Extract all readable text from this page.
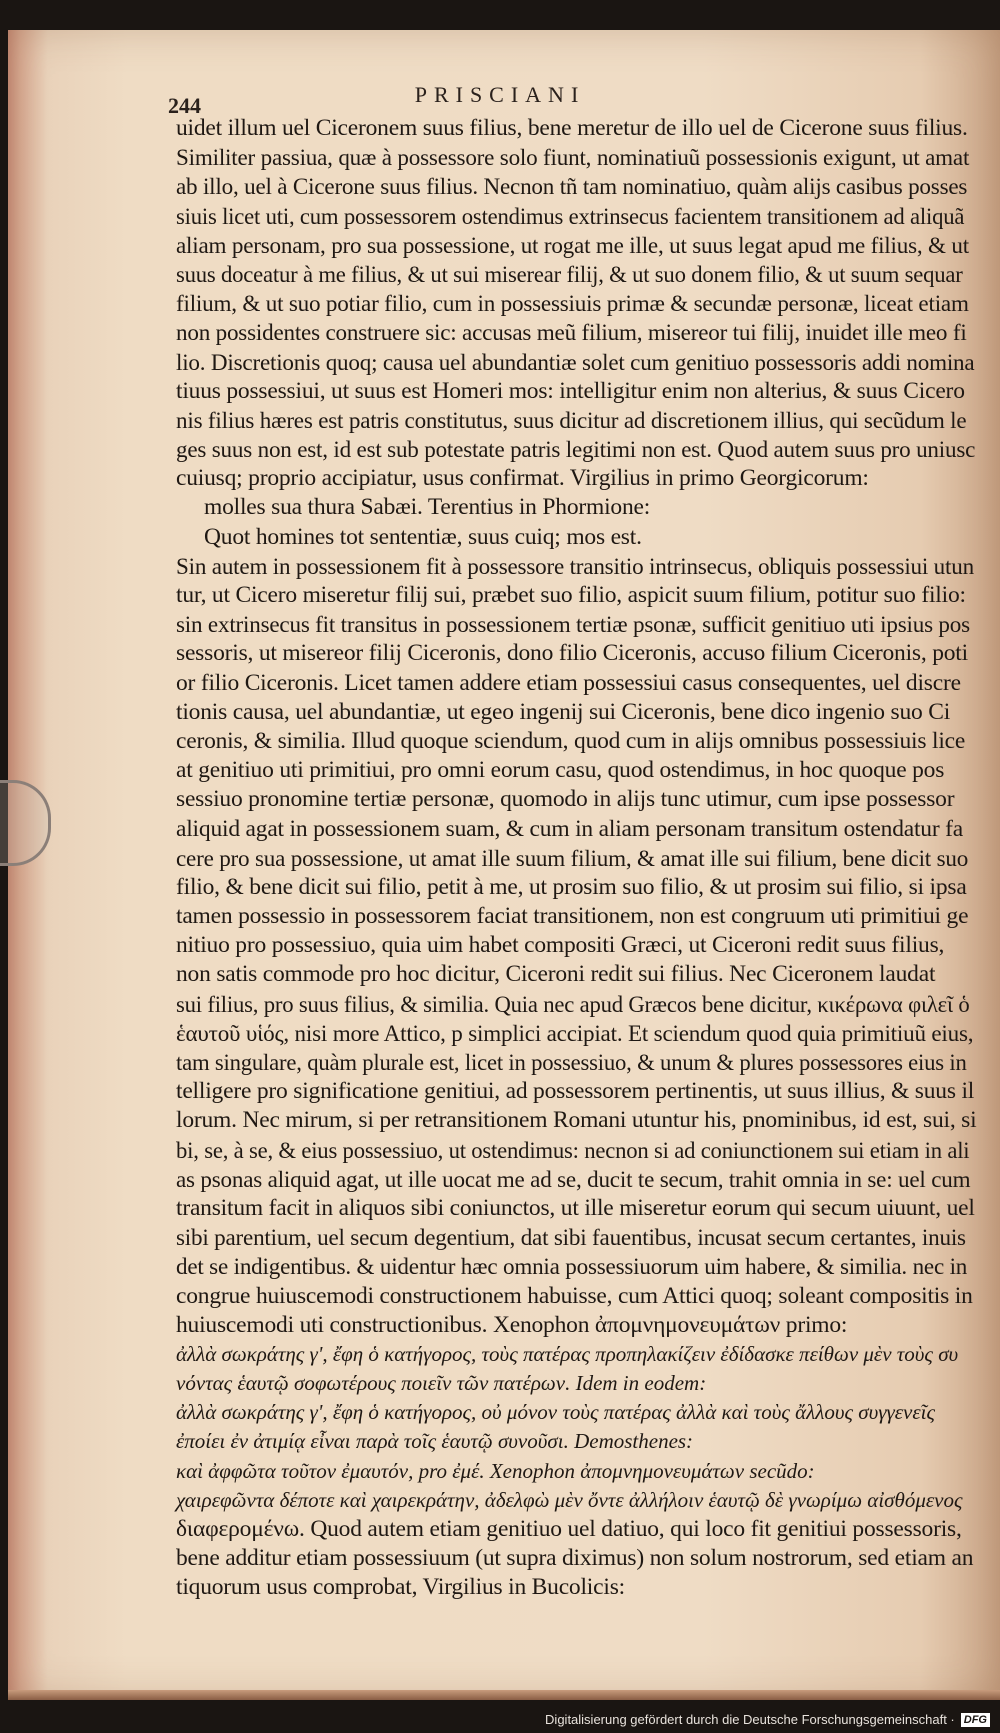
PRISCIANI
244
uidet illum uel Ciceronem suus filius, bene meretur de illo uel de Cicerone suus filius.
Similiter passiua, quæ à possessore solo fiunt, nominatiuũ possessionis exigunt, ut amat
ab illo, uel à Cicerone suus filius. Necnon tñ tam nominatiuo, quàm alijs casibus posses
siuis licet uti, cum possessorem ostendimus extrinsecus facientem transitionem ad aliquã
aliam personam, pro sua possessione, ut rogat me ille, ut suus legat apud me filius, & ut
suus doceatur à me filius, & ut sui miserear filij, & ut suo donem filio, & ut suum sequar
filium, & ut suo potiar filio, cum in possessiuis primæ & secundæ personæ, liceat etiam
non possidentes construere sic: accusas meũ filium, misereor tui filij, inuidet ille meo fi
lio. Discretionis quoq; causa uel abundantiæ solet cum genitiuo possessoris addi nomina
tiuus possessiui, ut suus est Homeri mos: intelligitur enim non alterius, & suus Cicero
nis filius hæres est patris constitutus, suus dicitur ad discretionem illius, qui secũdum le
ges suus non est, id est sub potestate patris legitimi non est. Quod autem suus pro uniusc
cuiusq; proprio accipiatur, usus confirmat. Virgilius in primo Georgicorum:
molles sua thura Sabæi. Terentius in Phormione:
Quot homines tot sententiæ, suus cuiq; mos est.
Sin autem in possessionem fit à possessore transitio intrinsecus, obliquis possessiui utun
tur, ut Cicero miseretur filij sui, præbet suo filio, aspicit suum filium, potitur suo filio:
sin extrinsecus fit transitus in possessionem tertiæ psonæ, sufficit genitiuo uti ipsius pos
sessoris, ut misereor filij Ciceronis, dono filio Ciceronis, accuso filium Ciceronis, poti
or filio Ciceronis. Licet tamen addere etiam possessiui casus consequentes, uel discre
tionis causa, uel abundantiæ, ut egeo ingenij sui Ciceronis, bene dico ingenio suo Ci
ceronis, & similia. Illud quoque sciendum, quod cum in alijs omnibus possessiuis lice
at genitiuo uti primitiui, pro omni eorum casu, quod ostendimus, in hoc quoque pos
sessiuo pronomine tertiæ personæ, quomodo in alijs tunc utimur, cum ipse possessor
aliquid agat in possessionem suam, & cum in aliam personam transitum ostendatur fa
cere pro sua possessione, ut amat ille suum filium, & amat ille sui filium, bene dicit suo
filio, & bene dicit sui filio, petit à me, ut prosim suo filio, & ut prosim sui filio, si ipsa
tamen possessio in possessorem faciat transitionem, non est congruum uti primitiui ge
nitiuo pro possessiuo, quia uim habet compositi Græci, ut Ciceroni redit suus filius,
non satis commode pro hoc dicitur, Ciceroni redit sui filius. Nec Ciceronem laudat
sui filius, pro suus filius, & similia. Quia nec apud Græcos bene dicitur, κικέρωνα φιλεῖ ὁ
ἑαυτοῦ υἱός, nisi more Attico, p simplici accipiat. Et sciendum quod quia primitiuũ eius,
tam singulare, quàm plurale est, licet in possessiuo, & unum & plures possessores eius in
telligere pro significatione genitiui, ad possessorem pertinentis, ut suus illius, & suus il
lorum. Nec mirum, si per retransitionem Romani utuntur his, pnominibus, id est, sui, si
bi, se, à se, & eius possessiuo, ut ostendimus: necnon si ad coniunctionem sui etiam in ali
as psonas aliquid agat, ut ille uocat me ad se, ducit te secum, trahit omnia in se: uel cum
transitum facit in aliquos sibi coniunctos, ut ille miseretur eorum qui secum uiuunt, uel
sibi parentium, uel secum degentium, dat sibi fauentibus, incusat secum certantes, inuis
det se indigentibus. & uidentur hæc omnia possessiuorum uim habere, & similia. nec in
congrue huiuscemodi constructionem habuisse, cum Attici quoq; soleant compositis in
huiuscemodi uti constructionibus. Xenophon ἀπομνημονευμάτων primo:
ἀλλὰ σωκράτης γ', ἔφη ὁ κατήγορος, τοὺς πατέρας προπηλακίζειν ἐδίδασκε πείθων μὲν τοὺς συ
νόντας ἑαυτῷ σοφωτέρους ποιεῖν τῶν πατέρων. Idem in eodem:
ἀλλὰ σωκράτης γ', ἔφη ὁ κατήγορος, οὐ μόνον τοὺς πατέρας ἀλλὰ καὶ τοὺς ἄλλους συγγενεῖς
ἐποίει ἐν ἀτιμίᾳ εἶναι παρὰ τοῖς ἑαυτῷ συνοῦσι. Demosthenes:
καὶ ἀφφῶτα τοῦτον ἐμαυτόν, pro ἐμέ. Xenophon ἀπομνημονευμάτων secũdo:
χαιρεφῶντα δέποτε καὶ χαιρεκράτην, ἀδελφὼ μὲν ὄντε ἀλλήλοιν ἑαυτῷ δὲ γνωρίμω αἰσθόμενος
διαφερομένω. Quod autem etiam genitiuo uel datiuo, qui loco fit genitiui possessoris,
bene additur etiam possessiuum (ut supra diximus) non solum nostrorum, sed etiam an
tiquorum usus comprobat, Virgilius in Bucolicis:
Digitalisierung gefördert durch die Deutsche Forschungsgemeinschaft · DFG
